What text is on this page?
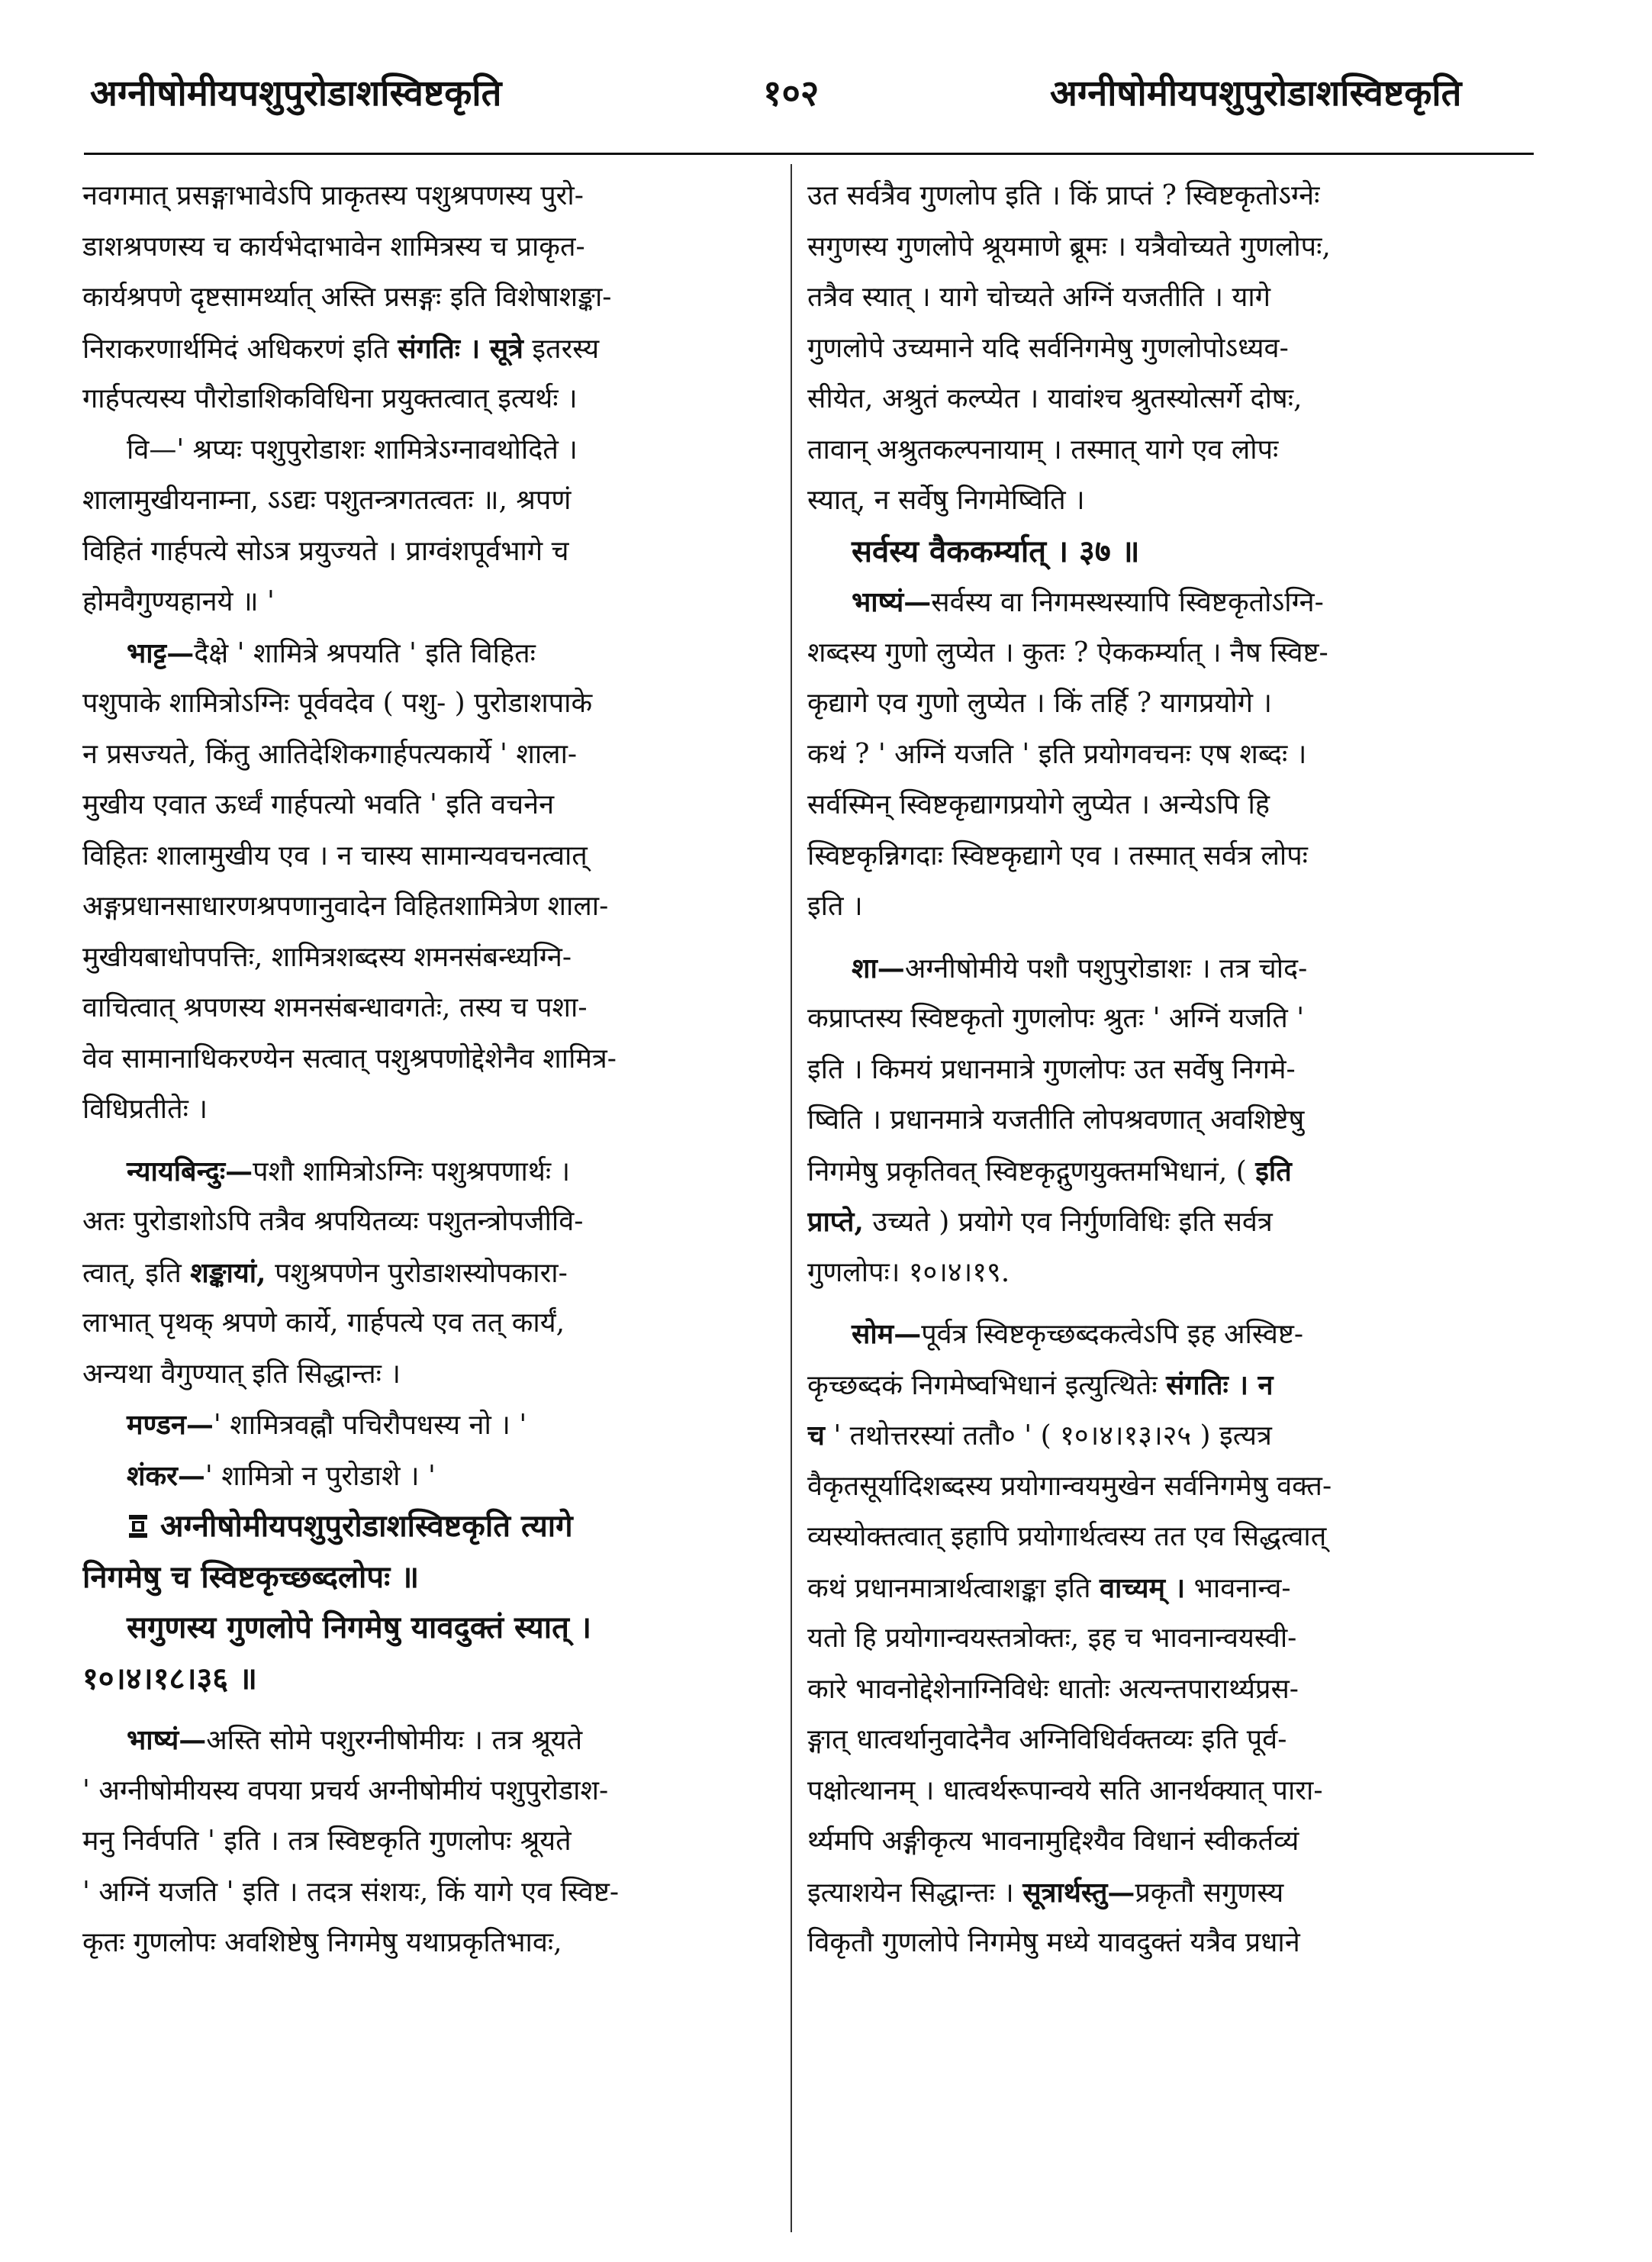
अग्नीषोमीयपशुपुरोडाशस्विष्टकृति	१०२	अग्नीषोमीयपशुपुरोडाशस्विष्टकृति
नवगमात् प्रसङ्गाभावेऽपि प्राकृतस्य पशुश्रपणस्य पुरो-
डाशश्रपणस्य च कार्यभेदाभावेन शामित्रस्य च प्राकृत-
कार्यश्रपणे दृष्टसामर्थ्यात् अस्ति प्रसङ्गः इति विशेषाशङ्का-
निराकरणार्थमिदं अधिकरणं इति संगतिः । सूत्रे इतरस्य
गार्हपत्यस्य पौरोडाशिकविधिना प्रयुक्तत्वात् इत्यर्थः ।
वि—' श्रप्यः पशुपुरोडाशः शामित्रेऽग्नावथोदिते ।
शालामुखीयनाम्ना, ऽऽद्यः पशुतन्त्रगतत्वतः ॥, श्रपणं
विहितं गार्हपत्ये सोऽत्र प्रयुज्यते । प्राग्वंशपूर्वभागे च
होमवैगुण्यहानये ॥ '
भाट्ट—दैक्षे ' शामित्रे श्रपयति ' इति विहितः
पशुपाके शामित्रोऽग्निः पूर्ववदेव ( पशु- ) पुरोडाशपाके
न प्रसज्यते, किंतु आतिदेशिकगार्हपत्यकार्ये ' शाला-
मुखीय एवात ऊर्ध्वं गार्हपत्यो भवति ' इति वचनेन
विहितः शालामुखीय एव । न चास्य सामान्यवचनत्वात्
अङ्गप्रधानसाधारणश्रपणानुवादेन विहितशामित्रेण शाला-
मुखीयबाधोपपत्तिः, शामित्रशब्दस्य शमनसंबन्ध्यग्नि-
वाचित्वात् श्रपणस्य शमनसंबन्धावगतेः, तस्य च पशा-
वेव सामानाधिकरण्येन सत्वात् पशुश्रपणोद्देशेनैव शामित्र-
विधिप्रतीतेः ।
न्यायबिन्दुः—पशौ शामित्रोऽग्निः पशुश्रपणार्थः ।
अतः पुरोडाशोऽपि तत्रैव श्रपयितव्यः पशुतन्त्रोपजीवि-
त्वात्, इति शङ्कायां, पशुश्रपणेन पुरोडाशस्योपकारा-
लाभात् पृथक् श्रपणे कार्ये, गार्हपत्ये एव तत् कार्यं,
अन्यथा वैगुण्यात् इति सिद्धान्तः ।
मण्डन—' शामित्रवह्नौ पचिरौपधस्य नो । '
शंकर—' शामित्रो न पुरोडाशे । '
अग्नीषोमीयपशुपुरोडाशस्विष्टकृति त्यागे
निगमेषु च स्विष्टकृच्छब्दलोपः ॥
सगुणस्य गुणलोपे निगमेषु यावदुक्तं स्यात् ।
१०।४।१८।३६ ॥
भाष्यं—अस्ति सोमे पशुरग्नीषोमीयः । तत्र श्रूयते
' अग्नीषोमीयस्य वपया प्रचर्य अग्नीषोमीयं पशुपुरोडाश-
मनु निर्वपति ' इति । तत्र स्विष्टकृति गुणलोपः श्रूयते
' अग्निं यजति ' इति । तदत्र संशयः, किं यागे एव स्विष्ट-
कृतः गुणलोपः अवशिष्टेषु निगमेषु यथाप्रकृतिभावः,
उत सर्वत्रैव गुणलोप इति । किं प्राप्तं ? स्विष्टकृतोऽग्नेः
सगुणस्य गुणलोपे श्रूयमाणे ब्रूमः । यत्रैवोच्यते गुणलोपः,
तत्रैव स्यात् । यागे चोच्यते अग्निं यजतीति । यागे
गुणलोपे उच्यमाने यदि सर्वनिगमेषु गुणलोपोऽध्यव-
सीयेत, अश्रुतं कल्प्येत । यावांश्च श्रुतस्योत्सर्गे दोषः,
तावान् अश्रुतकल्पनायाम् । तस्मात् यागे एव लोपः
स्यात्, न सर्वेषु निगमेष्विति ।
सर्वस्य वैककर्म्यात् । ३७ ॥
भाष्यं—सर्वस्य वा निगमस्थस्यापि स्विष्टकृतोऽग्नि-
शब्दस्य गुणो लुप्येत । कुतः ? ऐककर्म्यात् । नैष स्विष्ट-
कृद्यागे एव गुणो लुप्येत । किं तर्हि ? यागप्रयोगे ।
कथं ? ' अग्निं यजति ' इति प्रयोगवचनः एष शब्दः ।
सर्वस्मिन् स्विष्टकृद्यागप्रयोगे लुप्येत । अन्येऽपि हि
स्विष्टकृन्निगदाः स्विष्टकृद्यागे एव । तस्मात् सर्वत्र लोपः
इति ।
शा—अग्नीषोमीये पशौ पशुपुरोडाशः । तत्र चोद-
कप्राप्तस्य स्विष्टकृतो गुणलोपः श्रुतः ' अग्निं यजति '
इति । किमयं प्रधानमात्रे गुणलोपः उत सर्वेषु निगमे-
ष्विति । प्रधानमात्रे यजतीति लोपश्रवणात् अवशिष्टेषु
निगमेषु प्रकृतिवत् स्विष्टकृद्गुणयुक्तमभिधानं, ( इति
प्राप्ते, उच्यते ) प्रयोगे एव निर्गुणविधिः इति सर्वत्र
गुणलोपः। १०।४।१९.
सोम—पूर्वत्र स्विष्टकृच्छब्दकत्वेऽपि इह अस्विष्ट-
कृच्छब्दकं निगमेष्वभिधानं इत्युत्थितेः संगतिः । न
च ' तथोत्तरस्यां ततौ० ' ( १०।४।१३।२५ ) इत्यत्र
वैकृतसूर्यादिशब्दस्य प्रयोगान्वयमुखेन सर्वनिगमेषु वक्त-
व्यस्योक्तत्वात् इहापि प्रयोगार्थत्वस्य तत एव सिद्धत्वात्
कथं प्रधानमात्रार्थत्वाशङ्का इति वाच्यम् । भावनान्व-
यतो हि प्रयोगान्वयस्तत्रोक्तः, इह च भावनान्वयस्वी-
कारे भावनोद्देशेनाग्निविधेः धातोः अत्यन्तपारार्थ्यप्रस-
ङ्गात् धात्वर्थानुवादेनैव अग्निविधिर्वक्तव्यः इति पूर्व-
पक्षोत्थानम् । धात्वर्थरूपान्वये सति आनर्थक्यात् पारा-
र्थ्यमपि अङ्गीकृत्य भावनामुद्दिश्यैव विधानं स्वीकर्तव्यं
इत्याशयेन सिद्धान्तः । सूत्रार्थस्तु—प्रकृतौ सगुणस्य
विकृतौ गुणलोपे निगमेषु मध्ये यावदुक्तं यत्रैव प्रधाने
